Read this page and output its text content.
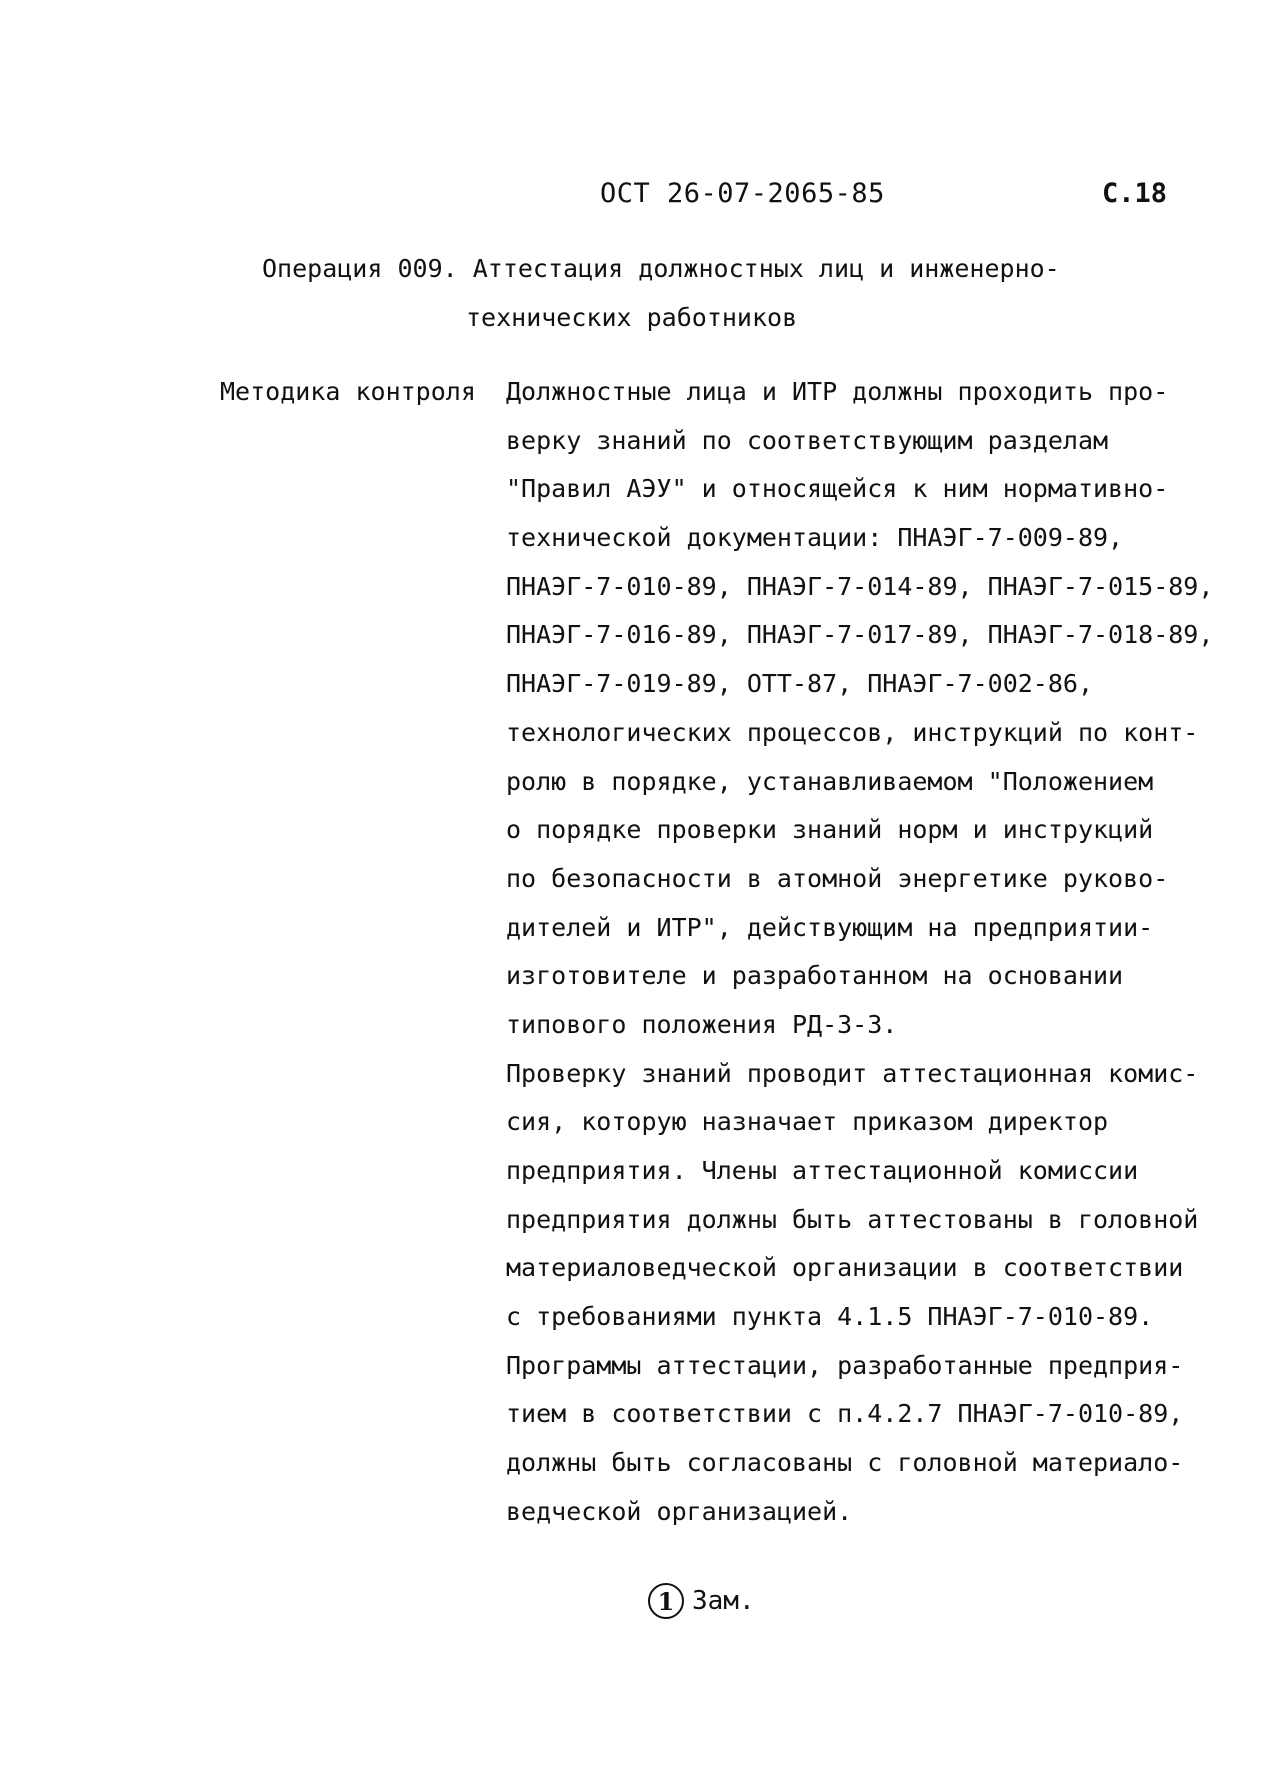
ОСТ 26-07-2065-85	С.18
Операция 009. Аттестация должностных лиц и инженерно-
технических работников
Методика контроля Должностные лица и ИТР должны проходить про-
верку знаний по соответствующим разделам
"Правил АЭУ" и относящейся к ним нормативно-
технической документации: ПНАЭГ-7-009-89,
ПНАЭГ-7-010-89, ПНАЭГ-7-014-89, ПНАЭГ-7-015-89,
ПНАЭГ-7-016-89, ПНАЭГ-7-017-89, ПНАЭГ-7-018-89,
ПНАЭГ-7-019-89, ОТТ-87, ПНАЭГ-7-002-86,
технологических процессов, инструкций по конт-
ролю в порядке, устанавливаемом "Положением
о порядке проверки знаний норм и инструкций
по безопасности в атомной энергетике руково-
дителей и ИТР", действующим на предприятии-
изготовителе и разработанном на основании
типового положения РД-3-3.
Проверку знаний проводит аттестационная комис-
сия, которую назначает приказом директор
предприятия. Члены аттестационной комиссии
предприятия должны быть аттестованы в головной
материаловедческой организации в соответствии
с требованиями пункта 4.1.5 ПНАЭГ-7-010-89.
Программы аттестации, разработанные предприя-
тием в соответствии с п.4.2.7 ПНАЭГ-7-010-89,
должны быть согласованы с головной материало-
ведческой организацией.
1 Зам.
